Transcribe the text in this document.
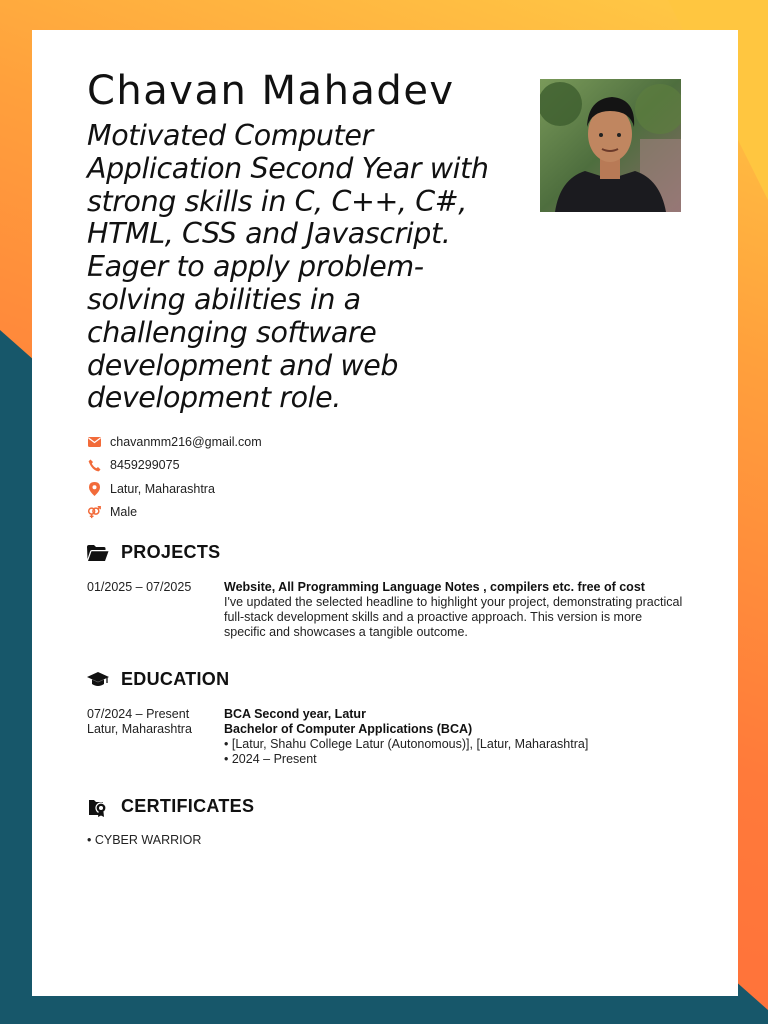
Chavan Mahadev
Motivated Computer Application Second Year with strong skills in C, C++, C#, HTML, CSS and Javascript. Eager to apply problem-solving abilities in a challenging software development and web development role.
chavanmm216@gmail.com
8459299075
Latur, Maharashtra
Male
PROJECTS
01/2025 – 07/2025	Website, All Programming Language Notes , compilers etc. free of cost
I've updated the selected headline to highlight your project, demonstrating practical full-stack development skills and a proactive approach. This version is more specific and showcases a tangible outcome.
EDUCATION
07/2024 – Present
Latur, Maharashtra
BCA Second year, Latur
Bachelor of Computer Applications (BCA)
• [Latur, Shahu College Latur (Autonomous)], [Latur, Maharashtra]
• 2024 – Present
CERTIFICATES
• CYBER WARRIOR
